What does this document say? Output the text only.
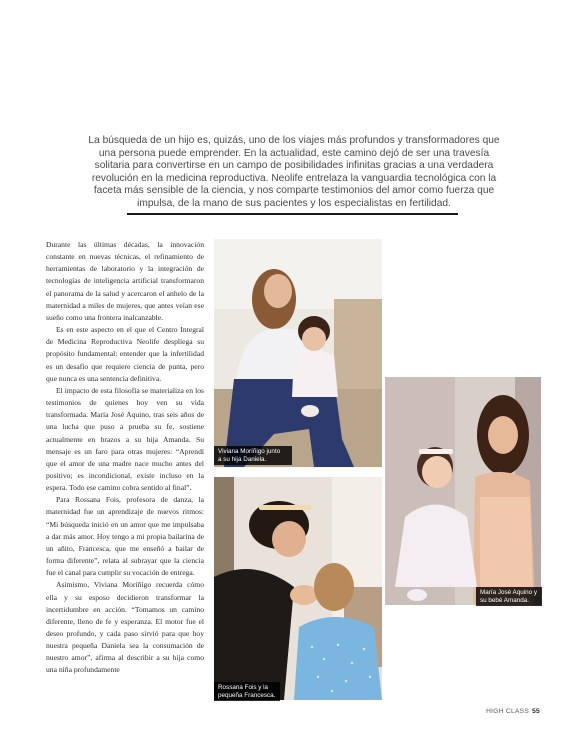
La búsqueda de un hijo es, quizás, uno de los viajes más profundos y transformadores que una persona puede emprender. En la actualidad, este camino dejó de ser una travesía solitaria para convertirse en un campo de posibilidades infinitas gracias a una verdadera revolución en la medicina reproductiva. Neolife entrelaza la vanguardia tecnológica con la faceta más sensible de la ciencia, y nos comparte testimonios del amor como fuerza que impulsa, de la mano de sus pacientes y los especialistas en fertilidad.

Durante las últimas décadas, la innovación constante en nuevas técnicas, el refinamiento de herramientas de laboratorio y la integración de tecnologías de inteligencia artificial transformaron el panorama de la salud y acercaron el anhelo de la maternidad a miles de mujeres, que antes veían ese sueño como una frontera inalcanzable.

Es en este aspecto en el que el Centro Integral de Medicina Reproductiva Neolife despliega su propósito fundamental: entender que la infertilidad es un desafío que requiere ciencia de punta, pero que nunca es una sentencia definitiva.

El impacto de esta filosofía se materializa en los testimonios de quienes hoy ven su vida transformada. María José Aquino, tras seis años de una lucha que puso a prueba su fe, sostiene actualmente en brazos a su hija Amanda. Su mensaje es un faro para otras mujeres: “Aprendí que el amor de una madre nace mucho antes del positivo; es incondicional, existe incluso en la espera. Todo ese camino cobra sentido al final”.

Para Rossana Fois, profesora de danza, la maternidad fue un aprendizaje de nuevos ritmos: “Mi búsqueda inició en un amor que me impulsaba a dar más amor. Hoy tengo a mi propia bailarina de un añito, Francesca, que me enseñó a bailar de forma diferente”, relata al subrayar que la ciencia fue el canal para cumplir su vocación de entrega.

Asimismo, Viviana Moríñigo recuerda cómo ella y su esposo decidieron transformar la incertidumbre en acción. “Tomamos un camino diferente, lleno de fe y esperanza. El motor fue el deseo profundo, y cada paso sirvió para que hoy nuestra pequeña Daniela sea la consumación de nuestro amor”, afirma al describir a su hija como una niña profundamente

Viviana Moríñigo junto
a su hija Daniela.
María José Aquino y
su bebé Amanda.
Rossana Fois y la
pequeña Francesca.
HIGH CLASS 55
